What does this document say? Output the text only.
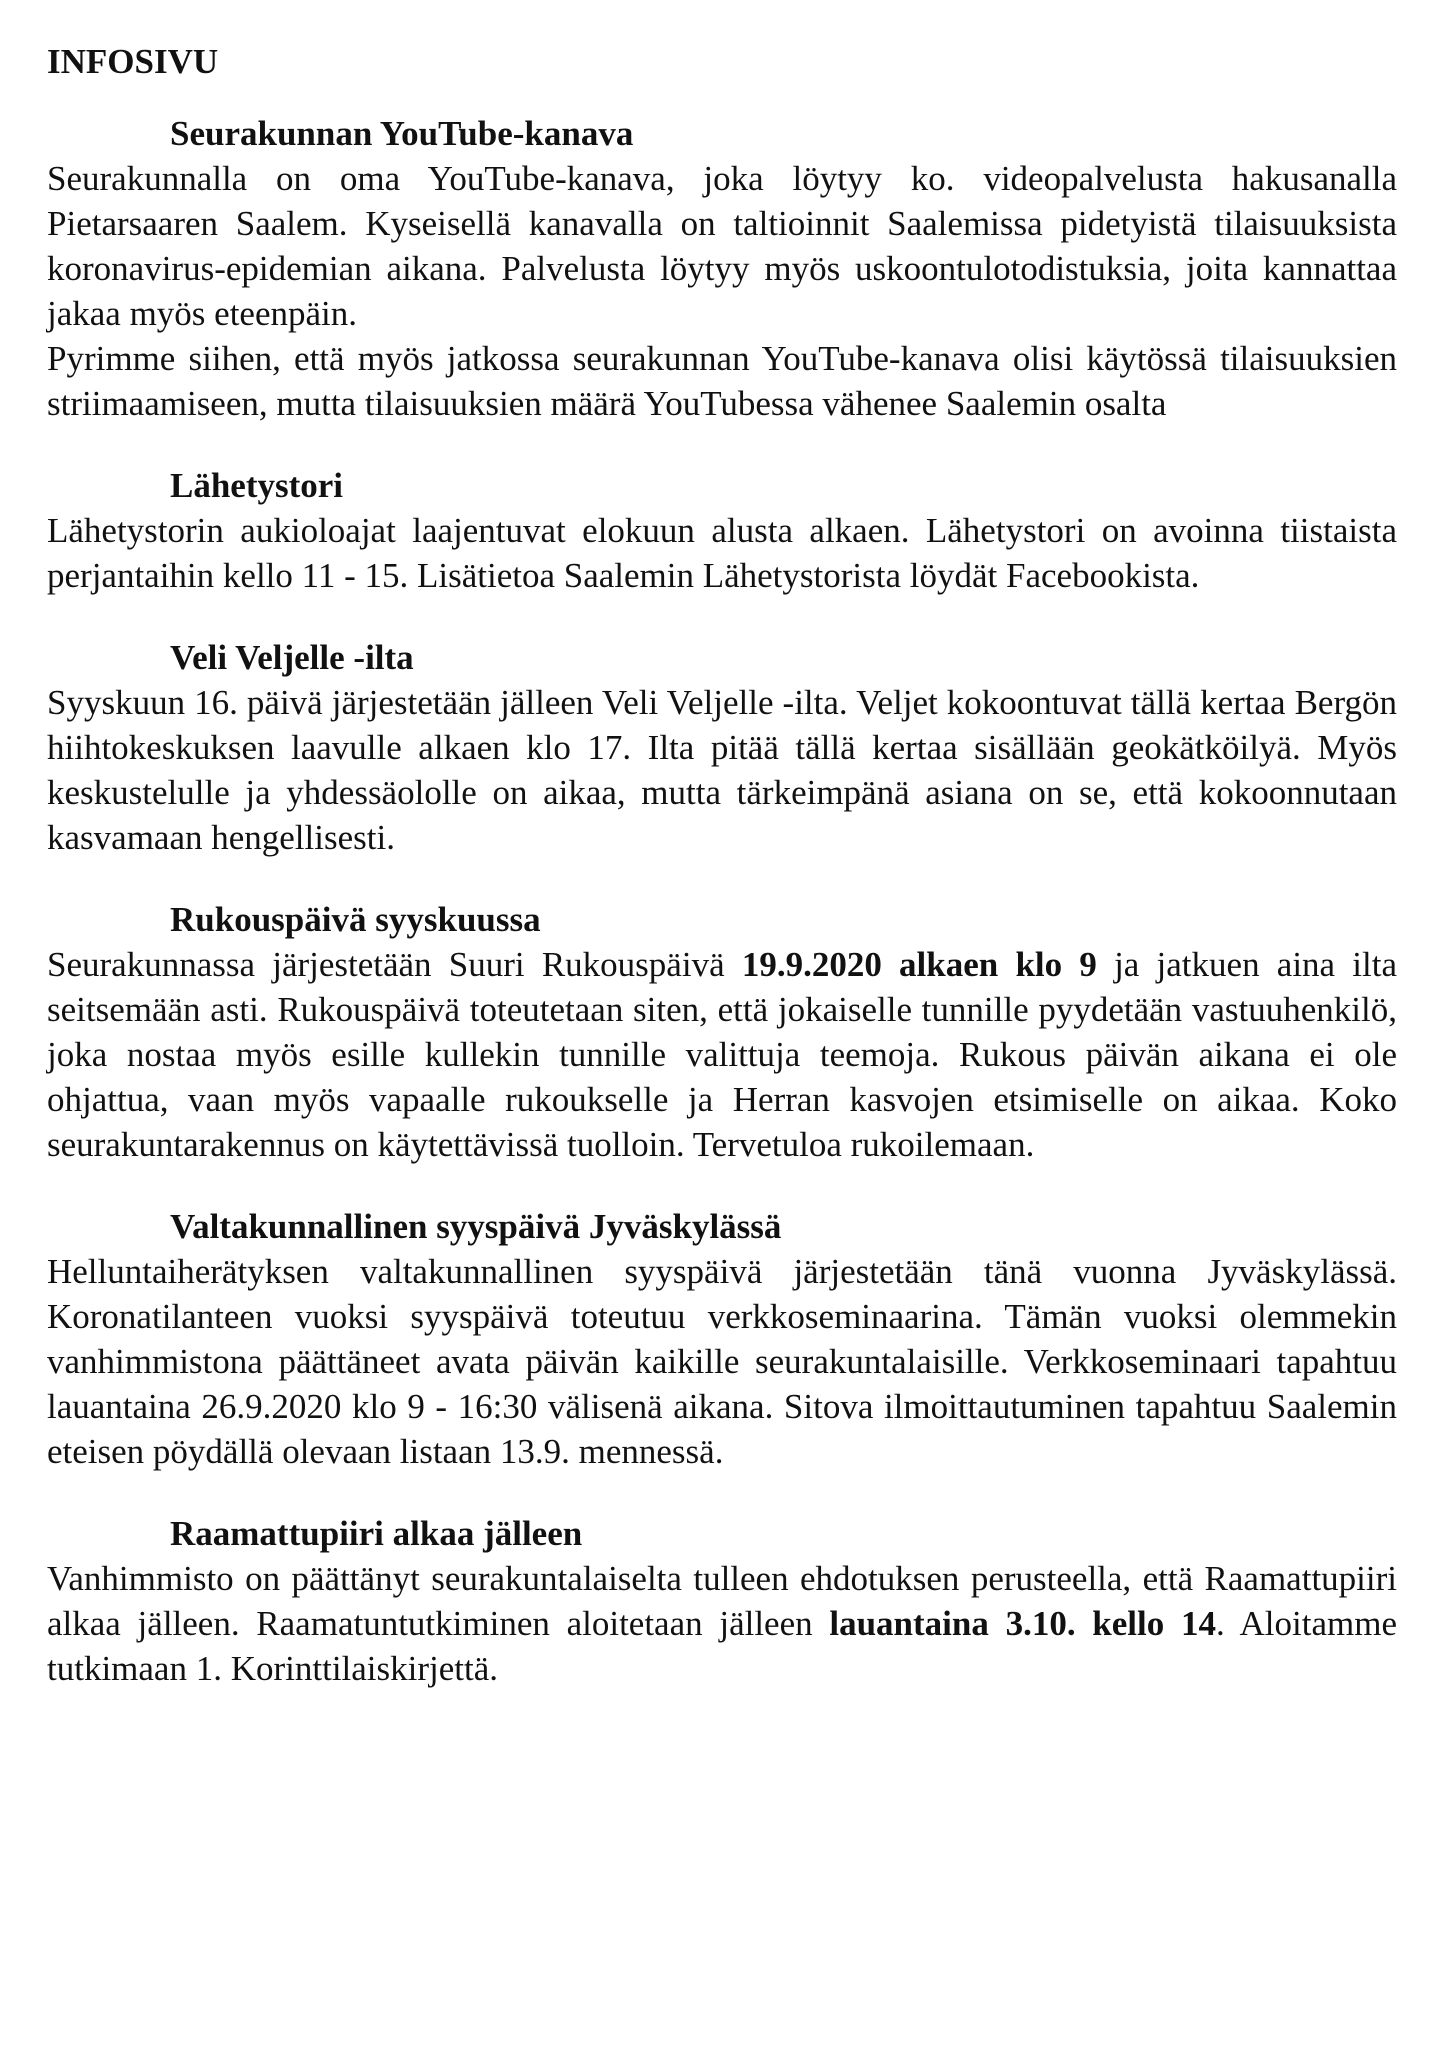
INFOSIVU
Seurakunnan YouTube-kanava

Seurakunnalla on oma YouTube-kanava, joka löytyy ko. videopalvelusta hakusanalla Pietarsaaren Saalem. Kyseisellä kanavalla on taltioinnit Saalemissa pidetyistä tilaisuuksista koronavirus-epidemian aikana. Palvelusta löytyy myös uskoontulotodistuksia, joita kannattaa jakaa myös eteenpäin.

Pyrimme siihen, että myös jatkossa seurakunnan YouTube-kanava olisi käytössä tilaisuuksien striimaamiseen, mutta tilaisuuksien määrä YouTubessa vähenee Saalemin osalta

Lähetystori

Lähetystorin aukioloajat laajentuvat elokuun alusta alkaen. Lähetystori on avoinna tiistaista perjantaihin kello 11 - 15. Lisätietoa Saalemin Lähetystorista löydät Facebookista.

Veli Veljelle -ilta

Syyskuun 16. päivä järjestetään jälleen Veli Veljelle -ilta. Veljet kokoontuvat tällä kertaa Bergön hiihtokeskuksen laavulle alkaen klo 17. Ilta pitää tällä kertaa sisällään geokätköilyä. Myös keskustelulle ja yhdessäololle on aikaa, mutta tärkeimpänä asiana on se, että kokoonnutaan kasvamaan hengellisesti.

Rukouspäivä syyskuussa

Seurakunnassa järjestetään Suuri Rukouspäivä 19.9.2020 alkaen klo 9 ja jatkuen aina ilta seitsemään asti. Rukouspäivä toteutetaan siten, että jokaiselle tunnille pyydetään vastuuhenkilö, joka nostaa myös esille kullekin tunnille valittuja teemoja. Rukous päivän aikana ei ole ohjattua, vaan myös vapaalle rukoukselle ja Herran kasvojen etsimiselle on aikaa. Koko seurakuntarakennus on käytettävissä tuolloin. Tervetuloa rukoilemaan.

Valtakunnallinen syyspäivä Jyväskylässä

Helluntaiherätyksen valtakunnallinen syyspäivä järjestetään tänä vuonna Jyväskylässä. Koronatilanteen vuoksi syyspäivä toteutuu verkkoseminaarina. Tämän vuoksi olemmekin vanhimmistona päättäneet avata päivän kaikille seurakuntalaisille. Verkkoseminaari tapahtuu lauantaina 26.9.2020 klo 9 - 16:30 välisenä aikana. Sitova ilmoittautuminen tapahtuu Saalemin eteisen pöydällä olevaan listaan 13.9. mennessä.

Raamattupiiri alkaa jälleen

Vanhimmisto on päättänyt seurakuntalaiselta tulleen ehdotuksen perusteella, että Raamattupiiri alkaa jälleen. Raamatuntutkiminen aloitetaan jälleen lauantaina 3.10. kello 14. Aloitamme tutkimaan 1. Korinttilaiskirjettä.
